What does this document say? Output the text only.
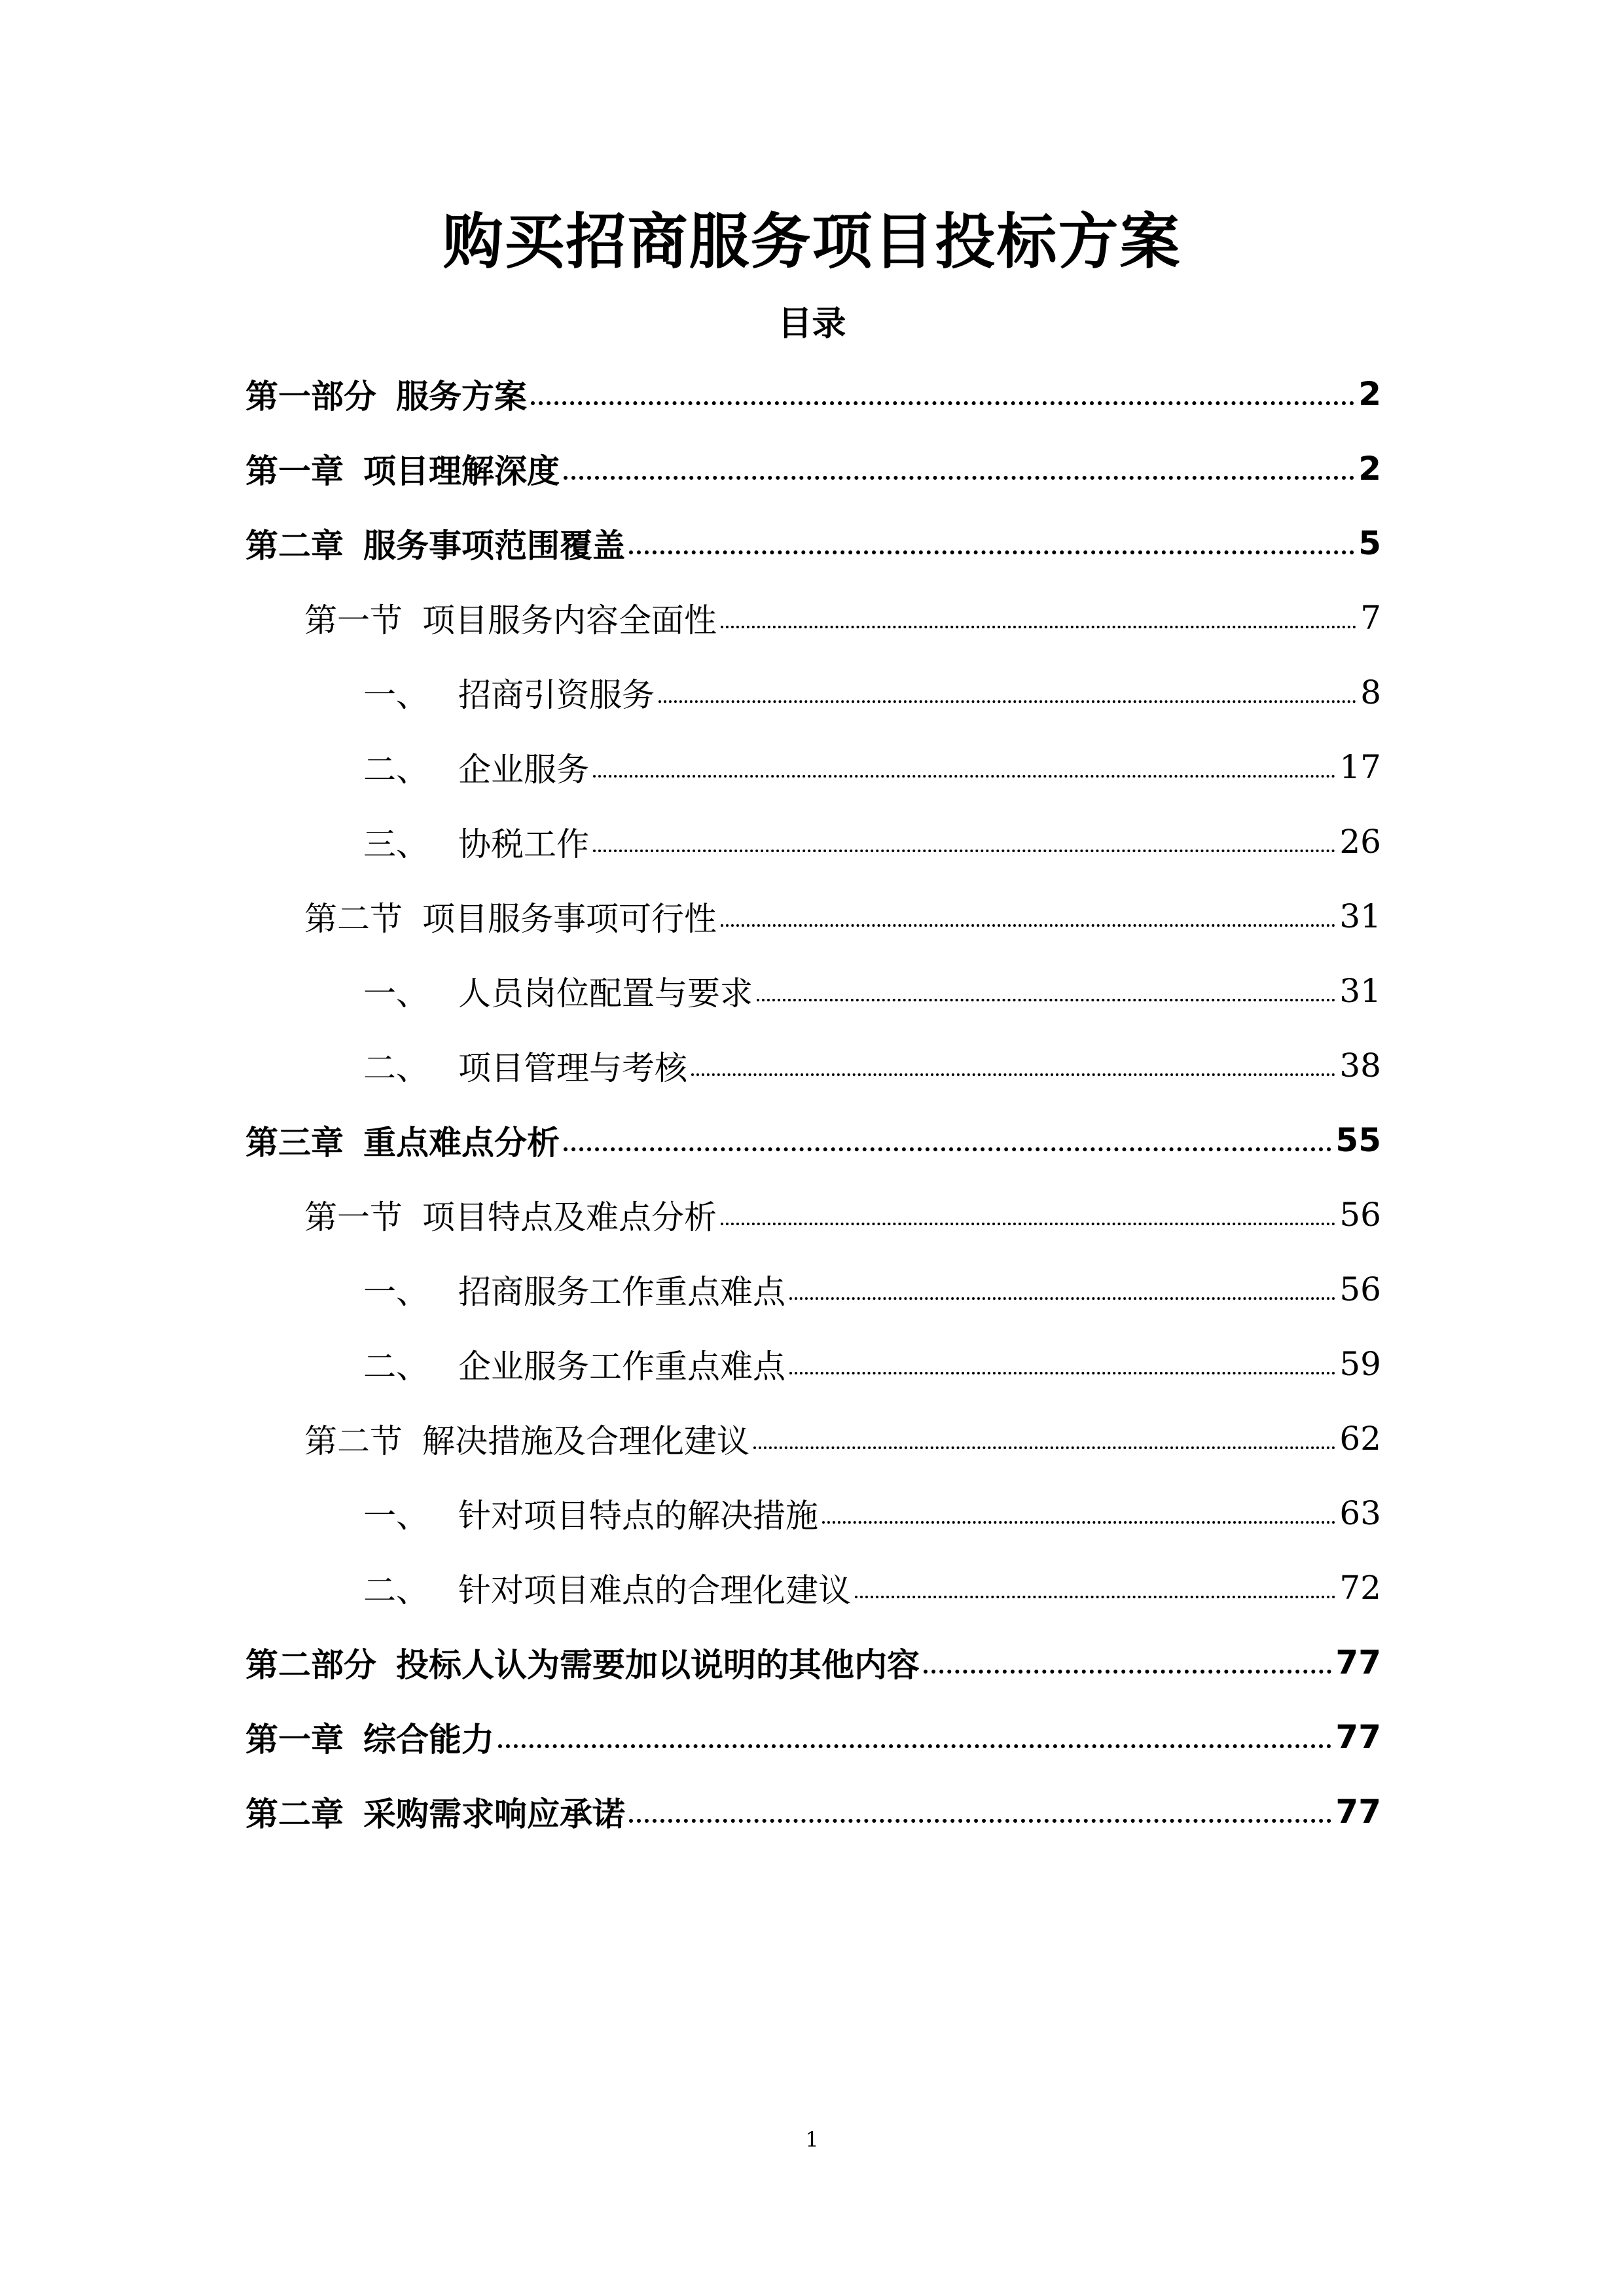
购买招商服务项目投标方案
目录
第一部分 服务方案	2
第一章 项目理解深度	2
第二章 服务事项范围覆盖	5
第一节 项目服务内容全面性	7
一、 招商引资服务	8
二、 企业服务	17
三、 协税工作	26
第二节 项目服务事项可行性	31
一、 人员岗位配置与要求	31
二、 项目管理与考核	38
第三章 重点难点分析	55
第一节 项目特点及难点分析	56
一、 招商服务工作重点难点	56
二、 企业服务工作重点难点	59
第二节 解决措施及合理化建议	62
一、 针对项目特点的解决措施	63
二、 针对项目难点的合理化建议	72
第二部分 投标人认为需要加以说明的其他内容	77
第一章 综合能力	77
第二章 采购需求响应承诺	77
1
